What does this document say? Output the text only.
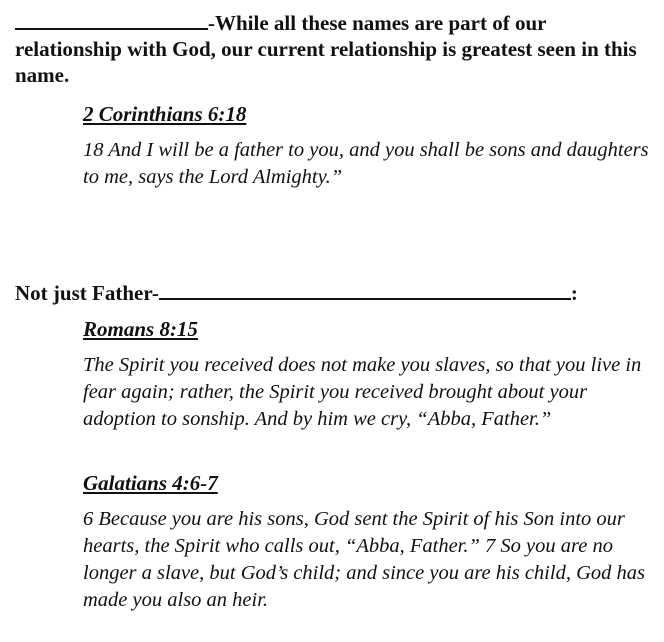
-While all these names are part of our relationship with God, our current relationship is greatest seen in this name.
2 Corinthians 6:18
18 And I will be a father to you, and you shall be sons and daughters to me, says the Lord Almighty.”
Not just Father-	:
Romans 8:15
The Spirit you received does not make you slaves, so that you live in fear again; rather, the Spirit you received brought about your adoption to sonship. And by him we cry, “Abba, Father.”
Galatians 4:6-7
6 Because you are his sons, God sent the Spirit of his Son into our hearts, the Spirit who calls out, “Abba, Father.” 7 So you are no longer a slave, but God’s child; and since you are his child, God has made you also an heir.
